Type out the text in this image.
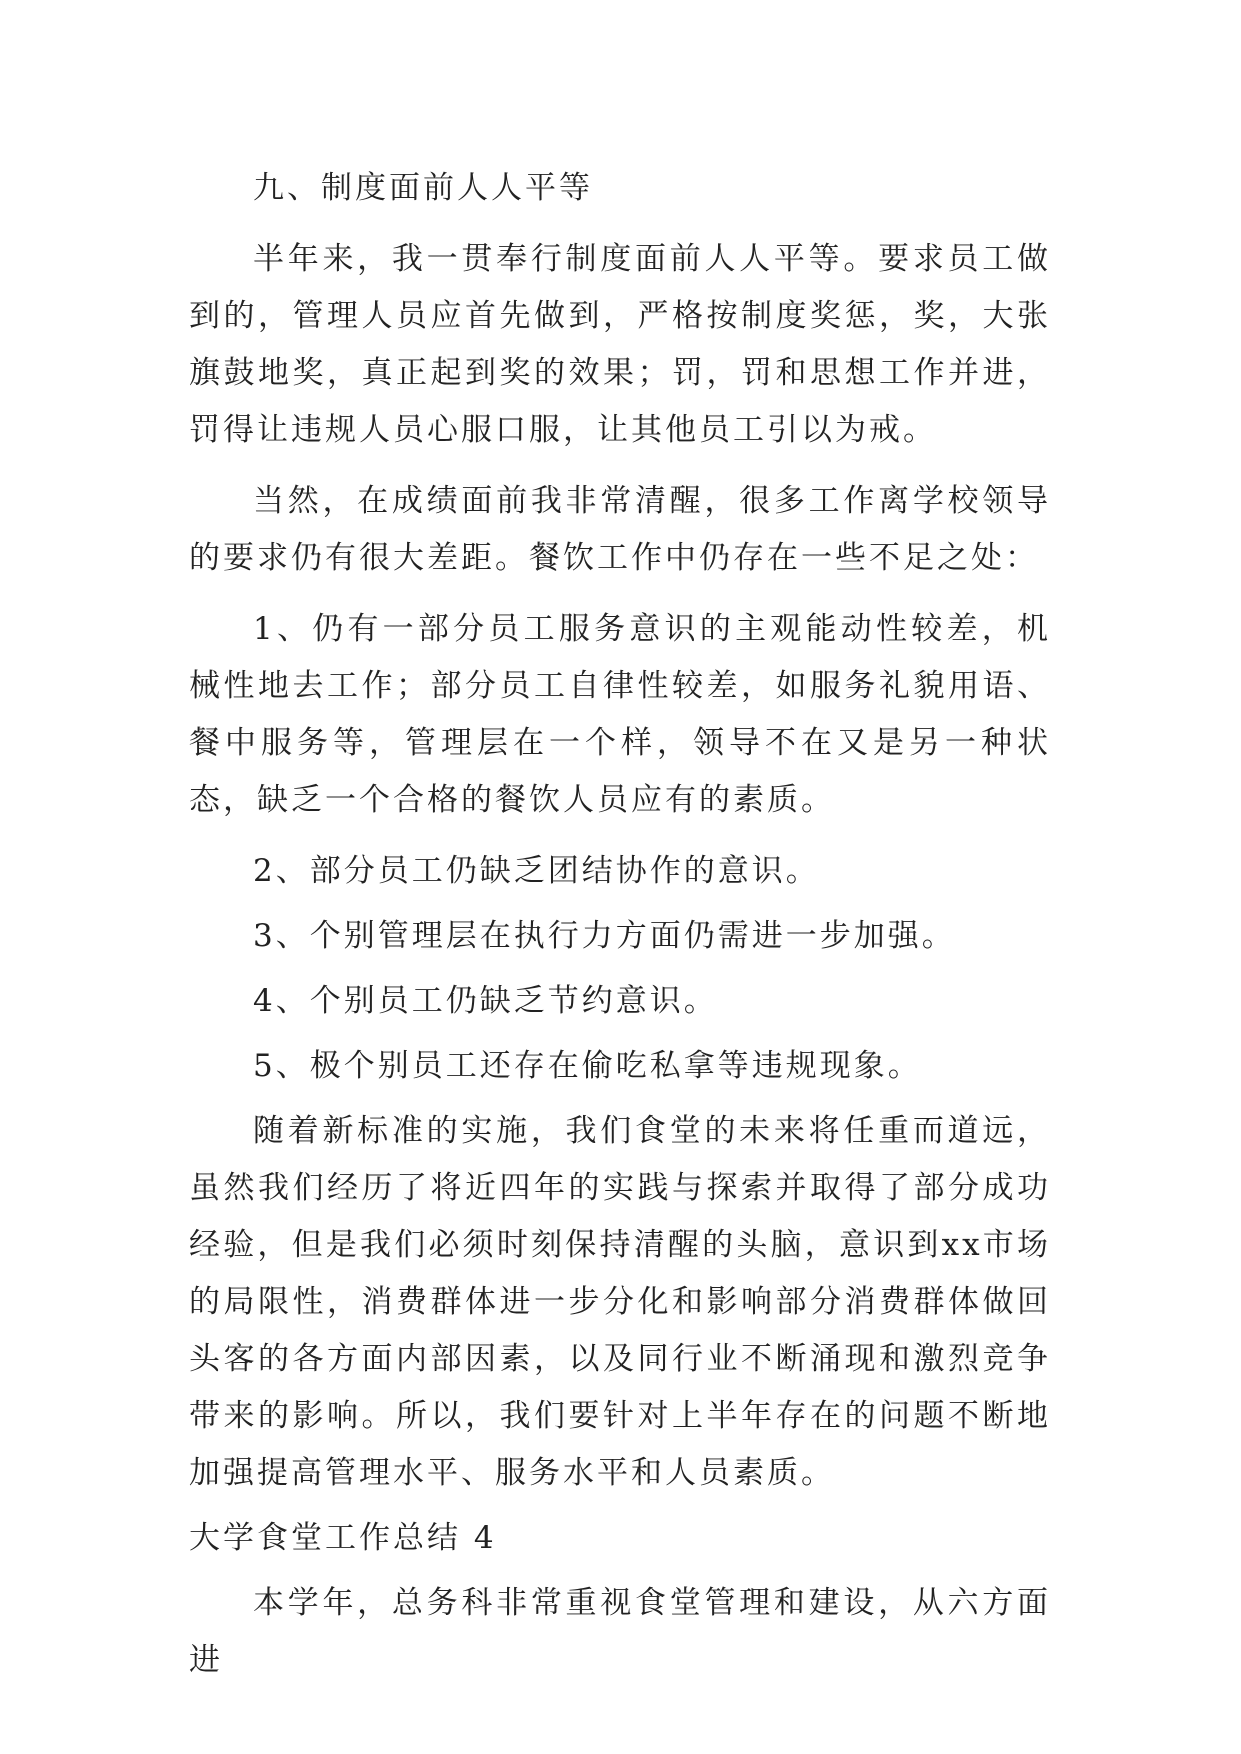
九、制度面前人人平等

半年来，我一贯奉行制度面前人人平等。要求员工做到的，管理人员应首先做到，严格按制度奖惩，奖，大张旗鼓地奖，真正起到奖的效果；罚，罚和思想工作并进，罚得让违规人员心服口服，让其他员工引以为戒。

当然，在成绩面前我非常清醒，很多工作离学校领导的要求仍有很大差距。餐饮工作中仍存在一些不足之处：

1、仍有一部分员工服务意识的主观能动性较差，机械性地去工作；部分员工自律性较差，如服务礼貌用语、餐中服务等，管理层在一个样，领导不在又是另一种状态，缺乏一个合格的餐饮人员应有的素质。

2、部分员工仍缺乏团结协作的意识。

3、个别管理层在执行力方面仍需进一步加强。

4、个别员工仍缺乏节约意识。

5、极个别员工还存在偷吃私拿等违规现象。

随着新标准的实施，我们食堂的未来将任重而道远，虽然我们经历了将近四年的实践与探索并取得了部分成功经验，但是我们必须时刻保持清醒的头脑，意识到xx市场的局限性，消费群体进一步分化和影响部分消费群体做回头客的各方面内部因素，以及同行业不断涌现和激烈竞争带来的影响。所以，我们要针对上半年存在的问题不断地加强提高管理水平、服务水平和人员素质。

大学食堂工作总结 4

本学年，总务科非常重视食堂管理和建设，从六方面进
